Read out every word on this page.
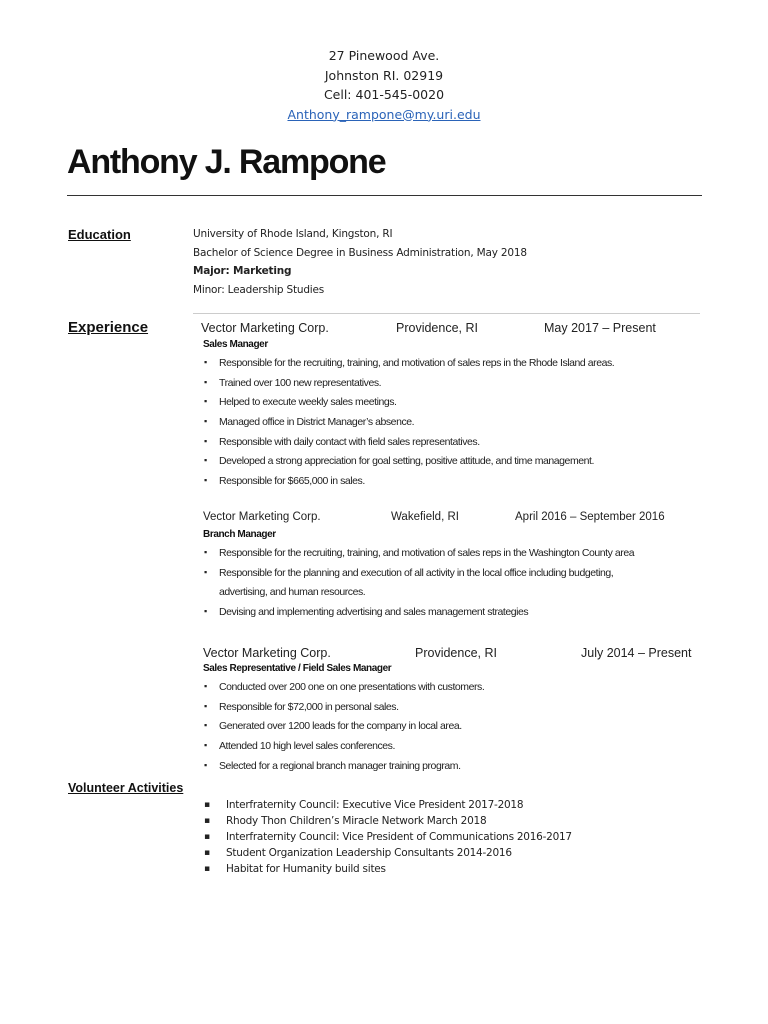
27 Pinewood Ave.
Johnston RI. 02919
Cell: 401-545-0020
Anthony_rampone@my.uri.edu
Anthony J. Rampone
Education	University of Rhode Island, Kingston, RI
Bachelor of Science Degree in Business Administration, May 2018
Major: Marketing
Minor: Leadership Studies
Experience	Vector Marketing Corp.	Providence, RI	May 2017 – Present
Sales Manager
▪ Responsible for the recruiting, training, and motivation of sales reps in the Rhode Island areas.
▪ Trained over 100 new representatives.
▪ Helped to execute weekly sales meetings.
▪ Managed office in District Manager’s absence.
▪ Responsible with daily contact with field sales representatives.
▪ Developed a strong appreciation for goal setting, positive attitude, and time management.
▪ Responsible for $665,000 in sales.
Vector Marketing Corp.	Wakefield, RI	April 2016 – September 2016
Branch Manager
▪ Responsible for the recruiting, training, and motivation of sales reps in the Washington County area
▪ Responsible for the planning and execution of all activity in the local office including budgeting,
advertising, and human resources.
▪ Devising and implementing advertising and sales management strategies
Vector Marketing Corp.	Providence, RI	July 2014 – Present
Sales Representative / Field Sales Manager
▪ Conducted over 200 one on one presentations with customers.
▪ Responsible for $72,000 in personal sales.
▪ Generated over 1200 leads for the company in local area.
▪ Attended 10 high level sales conferences.
▪ Selected for a regional branch manager training program.
Volunteer Activities
▪ Interfraternity Council: Executive Vice President 2017-2018
▪ Rhody Thon Children’s Miracle Network March 2018
▪ Interfraternity Council: Vice President of Communications 2016-2017
▪ Student Organization Leadership Consultants 2014-2016
▪ Habitat for Humanity build sites
